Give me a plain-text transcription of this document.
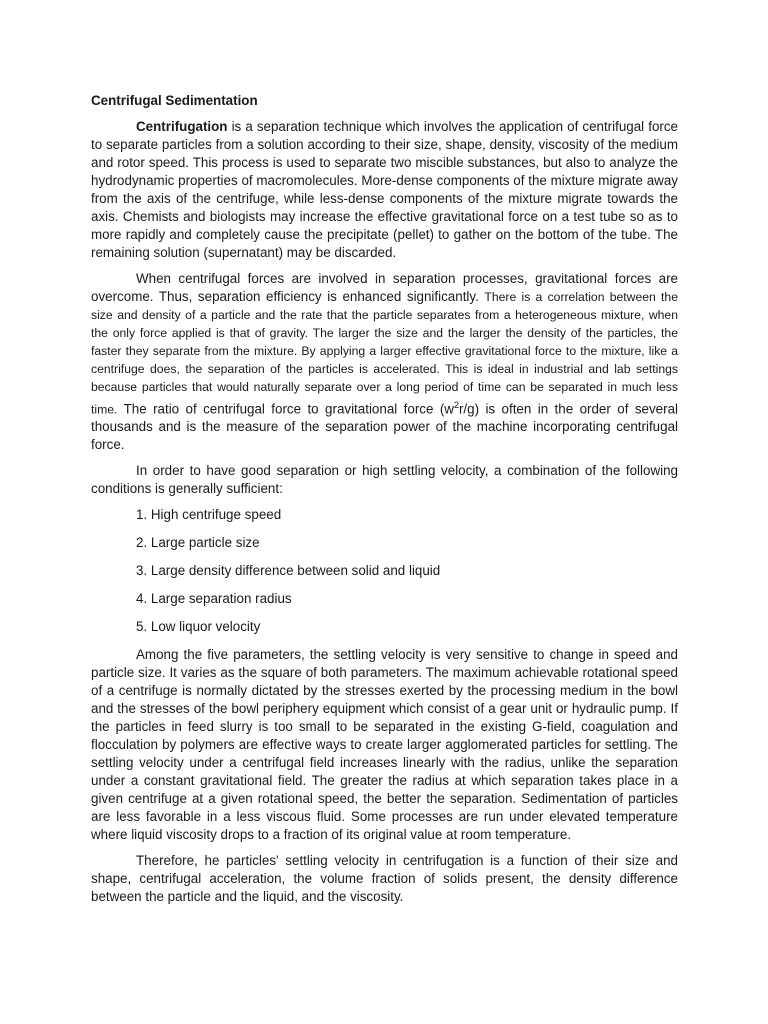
Centrifugal Sedimentation

Centrifugation is a separation technique which involves the application of centrifugal force to separate particles from a solution according to their size, shape, density, viscosity of the medium and rotor speed. This process is used to separate two miscible substances, but also to analyze the hydrodynamic properties of macromolecules. More-dense components of the mixture migrate away from the axis of the centrifuge, while less-dense components of the mixture migrate towards the axis. Chemists and biologists may increase the effective gravitational force on a test tube so as to more rapidly and completely cause the precipitate (pellet) to gather on the bottom of the tube. The remaining solution (supernatant) may be discarded.

When centrifugal forces are involved in separation processes, gravitational forces are overcome. Thus, separation efficiency is enhanced significantly. There is a correlation between the size and density of a particle and the rate that the particle separates from a heterogeneous mixture, when the only force applied is that of gravity. The larger the size and the larger the density of the particles, the faster they separate from the mixture. By applying a larger effective gravitational force to the mixture, like a centrifuge does, the separation of the particles is accelerated. This is ideal in industrial and lab settings because particles that would naturally separate over a long period of time can be separated in much less time. The ratio of centrifugal force to gravitational force $(w^2r/g)$ is often in the order of several thousands and is the measure of the separation power of the machine incorporating centrifugal force.

In order to have good separation or high settling velocity, a combination of the following conditions is generally sufficient:

1. High centrifuge speed
2. Large particle size
3. Large density difference between solid and liquid
4. Large separation radius
5. Low liquor velocity

Among the five parameters, the settling velocity is very sensitive to change in speed and particle size. It varies as the square of both parameters. The maximum achievable rotational speed of a centrifuge is normally dictated by the stresses exerted by the processing medium in the bowl and the stresses of the bowl periphery equipment which consist of a gear unit or hydraulic pump. If the particles in feed slurry is too small to be separated in the existing G-field, coagulation and flocculation by polymers are effective ways to create larger agglomerated particles for settling. The settling velocity under a centrifugal field increases linearly with the radius, unlike the separation under a constant gravitational field. The greater the radius at which separation takes place in a given centrifuge at a given rotational speed, the better the separation. Sedimentation of particles are less favorable in a less viscous fluid. Some processes are run under elevated temperature where liquid viscosity drops to a fraction of its original value at room temperature.

Therefore, he particles' settling velocity in centrifugation is a function of their size and shape, centrifugal acceleration, the volume fraction of solids present, the density difference between the particle and the liquid, and the viscosity.
